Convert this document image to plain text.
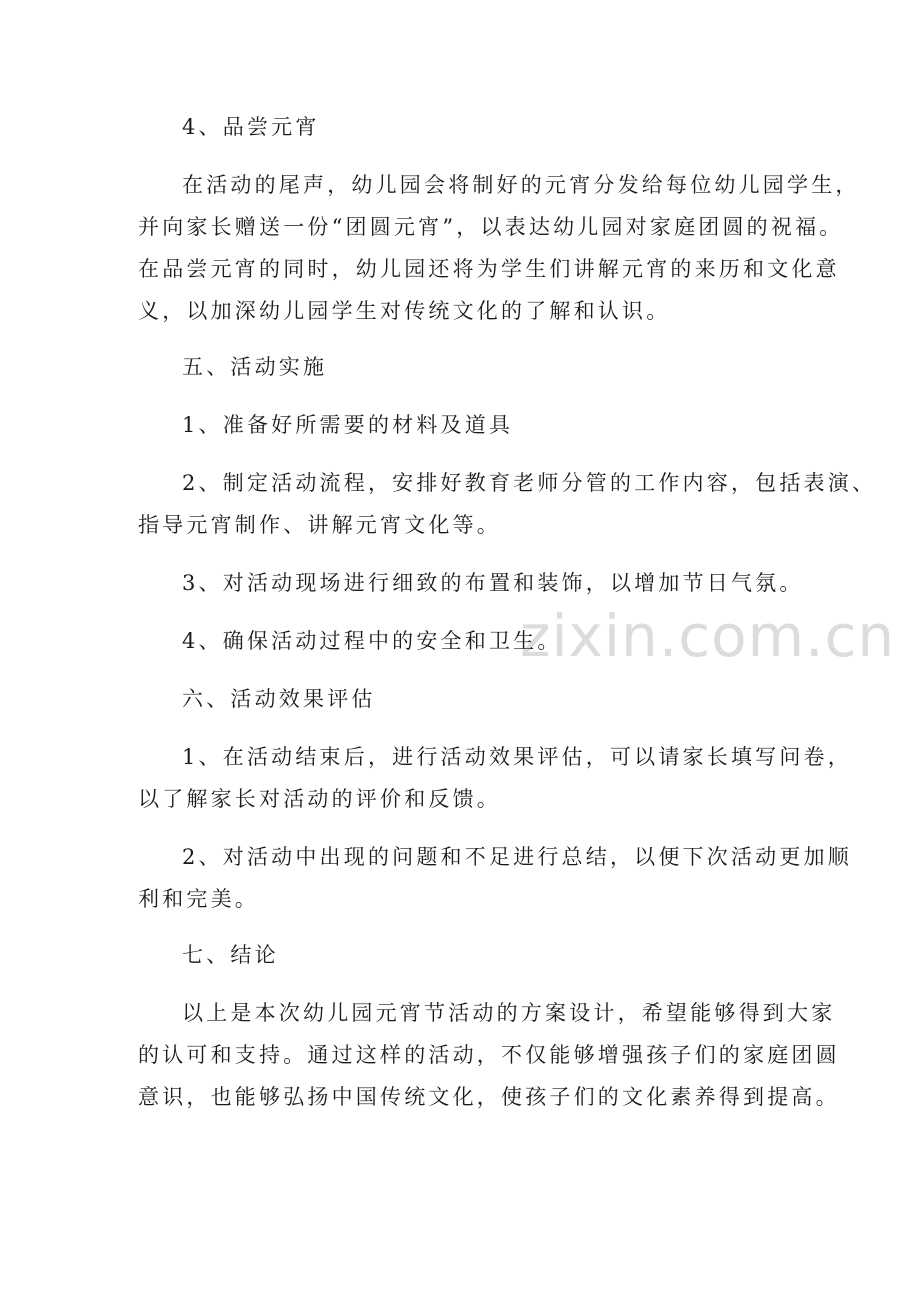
zixin.com.cn
4、品尝元宵
在活动的尾声，幼儿园会将制好的元宵分发给每位幼儿园学生，
并向家长赠送一份“团圆元宵”，以表达幼儿园对家庭团圆的祝福。
在品尝元宵的同时，幼儿园还将为学生们讲解元宵的来历和文化意
义，以加深幼儿园学生对传统文化的了解和认识。
五、活动实施
1、准备好所需要的材料及道具
2、制定活动流程，安排好教育老师分管的工作内容，包括表演、
指导元宵制作、讲解元宵文化等。
3、对活动现场进行细致的布置和装饰，以增加节日气氛。
4、确保活动过程中的安全和卫生。
六、活动效果评估
1、在活动结束后，进行活动效果评估，可以请家长填写问卷，
以了解家长对活动的评价和反馈。
2、对活动中出现的问题和不足进行总结，以便下次活动更加顺
利和完美。
七、结论
以上是本次幼儿园元宵节活动的方案设计，希望能够得到大家
的认可和支持。通过这样的活动，不仅能够增强孩子们的家庭团圆
意识，也能够弘扬中国传统文化，使孩子们的文化素养得到提高。
